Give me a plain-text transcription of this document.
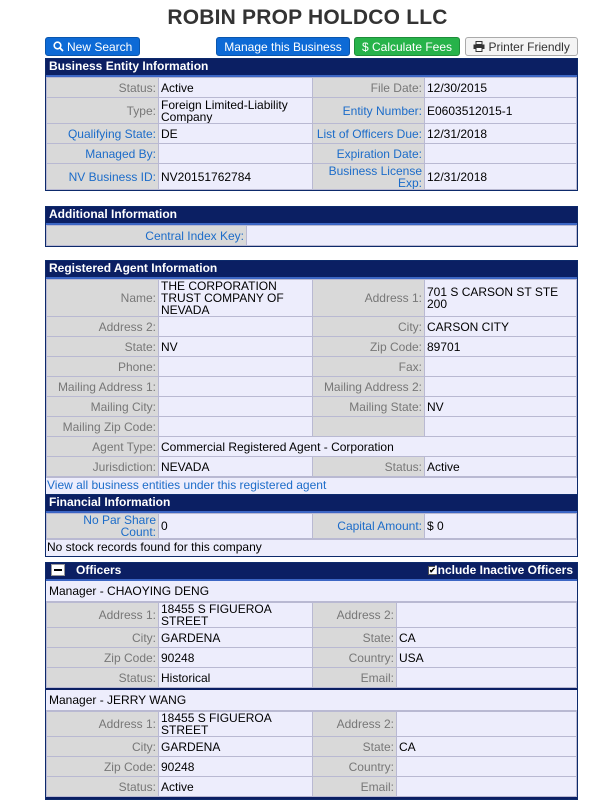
ROBIN PROP HOLDCO LLC
New Search	Manage this Business	$ Calculate Fees	Printer Friendly
Business Entity Information
Status:	Active	File Date:	12/30/2015
Type:	Foreign Limited-Liability Company	Entity Number:	E0603512015-1
Qualifying State:	DE	List of Officers Due:	12/31/2018
Managed By:		Expiration Date:	
NV Business ID:	NV20151762784	Business License Exp:	12/31/2018
Additional Information
Central Index Key:	
Registered Agent Information
Name:	THE CORPORATION TRUST COMPANY OF NEVADA	Address 1:	701 S CARSON ST STE 200
Address 2:		City:	CARSON CITY
State:	NV	Zip Code:	89701
Phone:		Fax:	
Mailing Address 1:		Mailing Address 2:	
Mailing City:		Mailing State:	NV
Mailing Zip Code:			
Agent Type:	Commercial Registered Agent - Corporation		
Jurisdiction:	NEVADA	Status:	Active
View all business entities under this registered agent
Financial Information
No Par Share Count:	0	Capital Amount:	$ 0
No stock records found for this company
Officers	✔
Include Inactive Officers
Manager - CHAOYING DENG
Address 1:	18455 S FIGUEROA STREET	Address 2:	
City:	GARDENA	State:	CA
Zip Code:	90248	Country:	USA
Status:	Historical	Email:	
Manager - JERRY WANG
Address 1:	18455 S FIGUEROA STREET	Address 2:	
City:	GARDENA	State:	CA
Zip Code:	90248	Country:	
Status:	Active	Email:	
